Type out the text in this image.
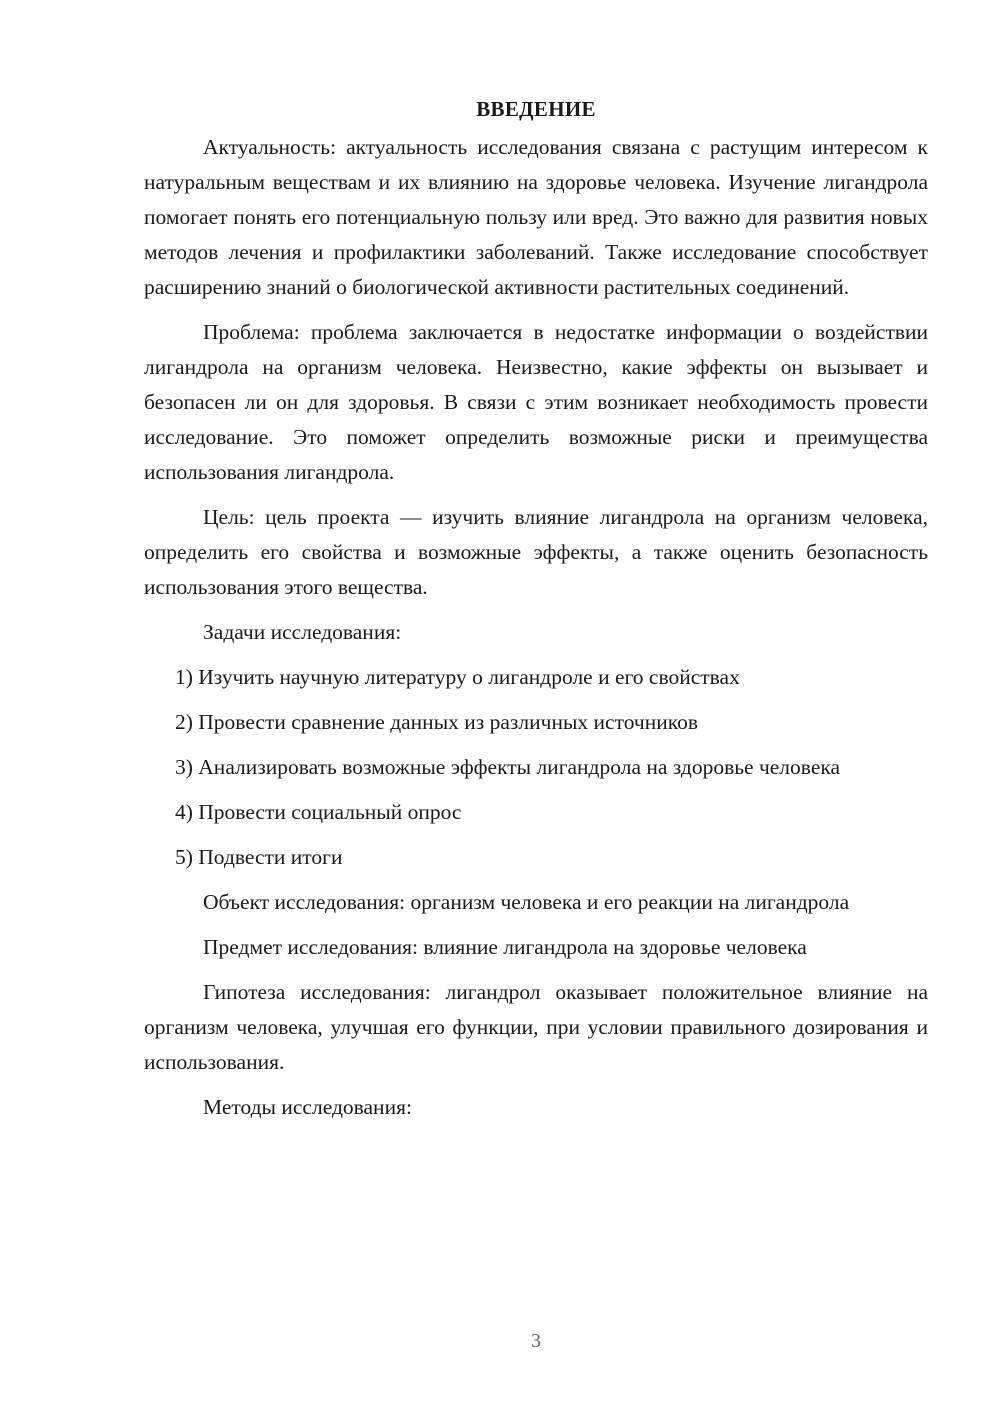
ВВЕДЕНИЕ

Актуальность: актуальность исследования связана с растущим интересом к натуральным веществам и их влиянию на здоровье человека. Изучение лигандрола помогает понять его потенциальную пользу или вред. Это важно для развития новых методов лечения и профилактики заболеваний. Также исследование способствует расширению знаний о биологической активности растительных соединений.

Проблема: проблема заключается в недостатке информации о воздействии лигандрола на организм человека. Неизвестно, какие эффекты он вызывает и безопасен ли он для здоровья. В связи с этим возникает необходимость провести исследование. Это поможет определить возможные риски и преимущества использования лигандрола.

Цель: цель проекта — изучить влияние лигандрола на организм человека, определить его свойства и возможные эффекты, а также оценить безопасность использования этого вещества.

Задачи исследования:

1) Изучить научную литературу о лигандроле и его свойствах

2) Провести сравнение данных из различных источников

3) Анализировать возможные эффекты лигандрола на здоровье человека

4) Провести социальный опрос

5) Подвести итоги

Объект исследования: организм человека и его реакции на лигандрола

Предмет исследования: влияние лигандрола на здоровье человека

Гипотеза исследования: лигандрол оказывает положительное влияние на организм человека, улучшая его функции, при условии правильного дозирования и использования.

Методы исследования:

3
